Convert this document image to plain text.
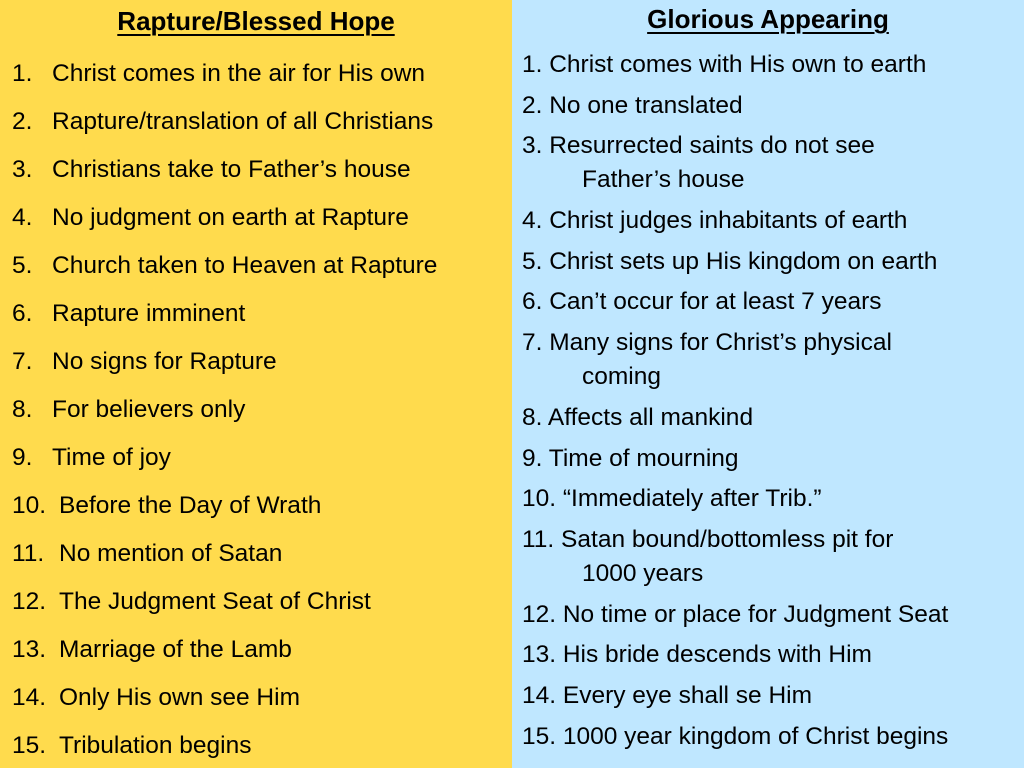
Rapture/Blessed Hope
1. Christ comes in the air for His own
2. Rapture/translation of all Christians
3. Christians take to Father’s house
4. No judgment on earth at Rapture
5. Church taken to Heaven at Rapture
6. Rapture imminent
7. No signs for Rapture
8. For believers only
9. Time of joy
10. Before the Day of Wrath
11. No mention of Satan
12. The Judgment Seat of Christ
13. Marriage of the Lamb
14. Only His own see Him
15. Tribulation begins
Glorious Appearing
1. Christ comes with His own to earth
2. No one translated
3. Resurrected saints do not see
Father’s house
4. Christ judges inhabitants of earth
5. Christ sets up His kingdom on earth
6. Can’t occur for at least 7 years
7. Many signs for Christ’s physical
coming
8. Affects all mankind
9. Time of mourning
10. “Immediately after Trib.”
11. Satan bound/bottomless pit for
1000 years
12. No time or place for Judgment Seat
13. His bride descends with Him
14. Every eye shall se Him
15. 1000 year kingdom of Christ begins
